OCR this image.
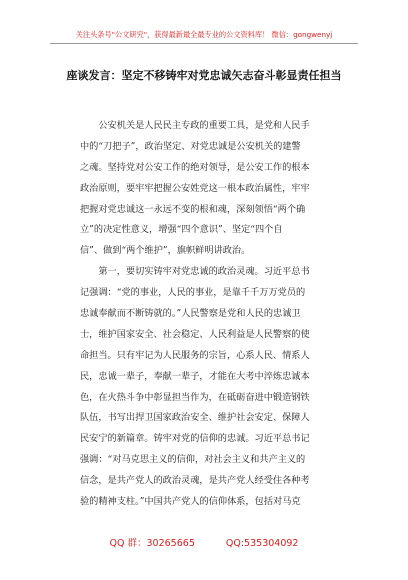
关注头条号"公文研究"，获得最新最全最专业的公文资料库！ 微信：gongwenyj
座谈发言：坚定不移铸牢对党忠诚矢志奋斗彰显责任担当
　　公安机关是人民民主专政的重要工具，是党和人民手
中的“刀把子”，政治坚定、对党忠诚是公安机关的建警
之魂。坚持党对公安工作的绝对领导，是公安工作的根本
政治原则，要牢牢把握公安姓党这一根本政治属性，牢牢
把握对党忠诚这一永远不变的根和魂，深刻领悟“两个确
立”的决定性意义，增强“四个意识”、坚定“四个自
信”、做到“两个维护”，旗帜鲜明讲政治。
　　第一，要切实铸牢对党忠诚的政治灵魂。习近平总书
记强调：“党的事业，人民的事业，是靠千千万万党员的
忠诚奉献而不断铸就的。”人民警察是党和人民的忠诚卫
士，维护国家安全、社会稳定、人民利益是人民警察的使
命担当。只有牢记为人民服务的宗旨，心系人民、情系人
民，忠诚一辈子，奉献一辈子，才能在大考中淬炼忠诚本
色，在火热斗争中彰显担当作为，在砥砺奋进中锻造钢铁
队伍，书写出捍卫国家政治安全、维护社会安定、保障人
民安宁的新篇章。铸牢对党的信仰的忠诚。习近平总书记
强调：“对马克思主义的信仰，对社会主义和共产主义的
信念，是共产党人的政治灵魂，是共产党人经受住各种考
验的精神支柱。”中国共产党人的信仰体系，包括对马克
QQ 群：30265665	QQ:535304092
